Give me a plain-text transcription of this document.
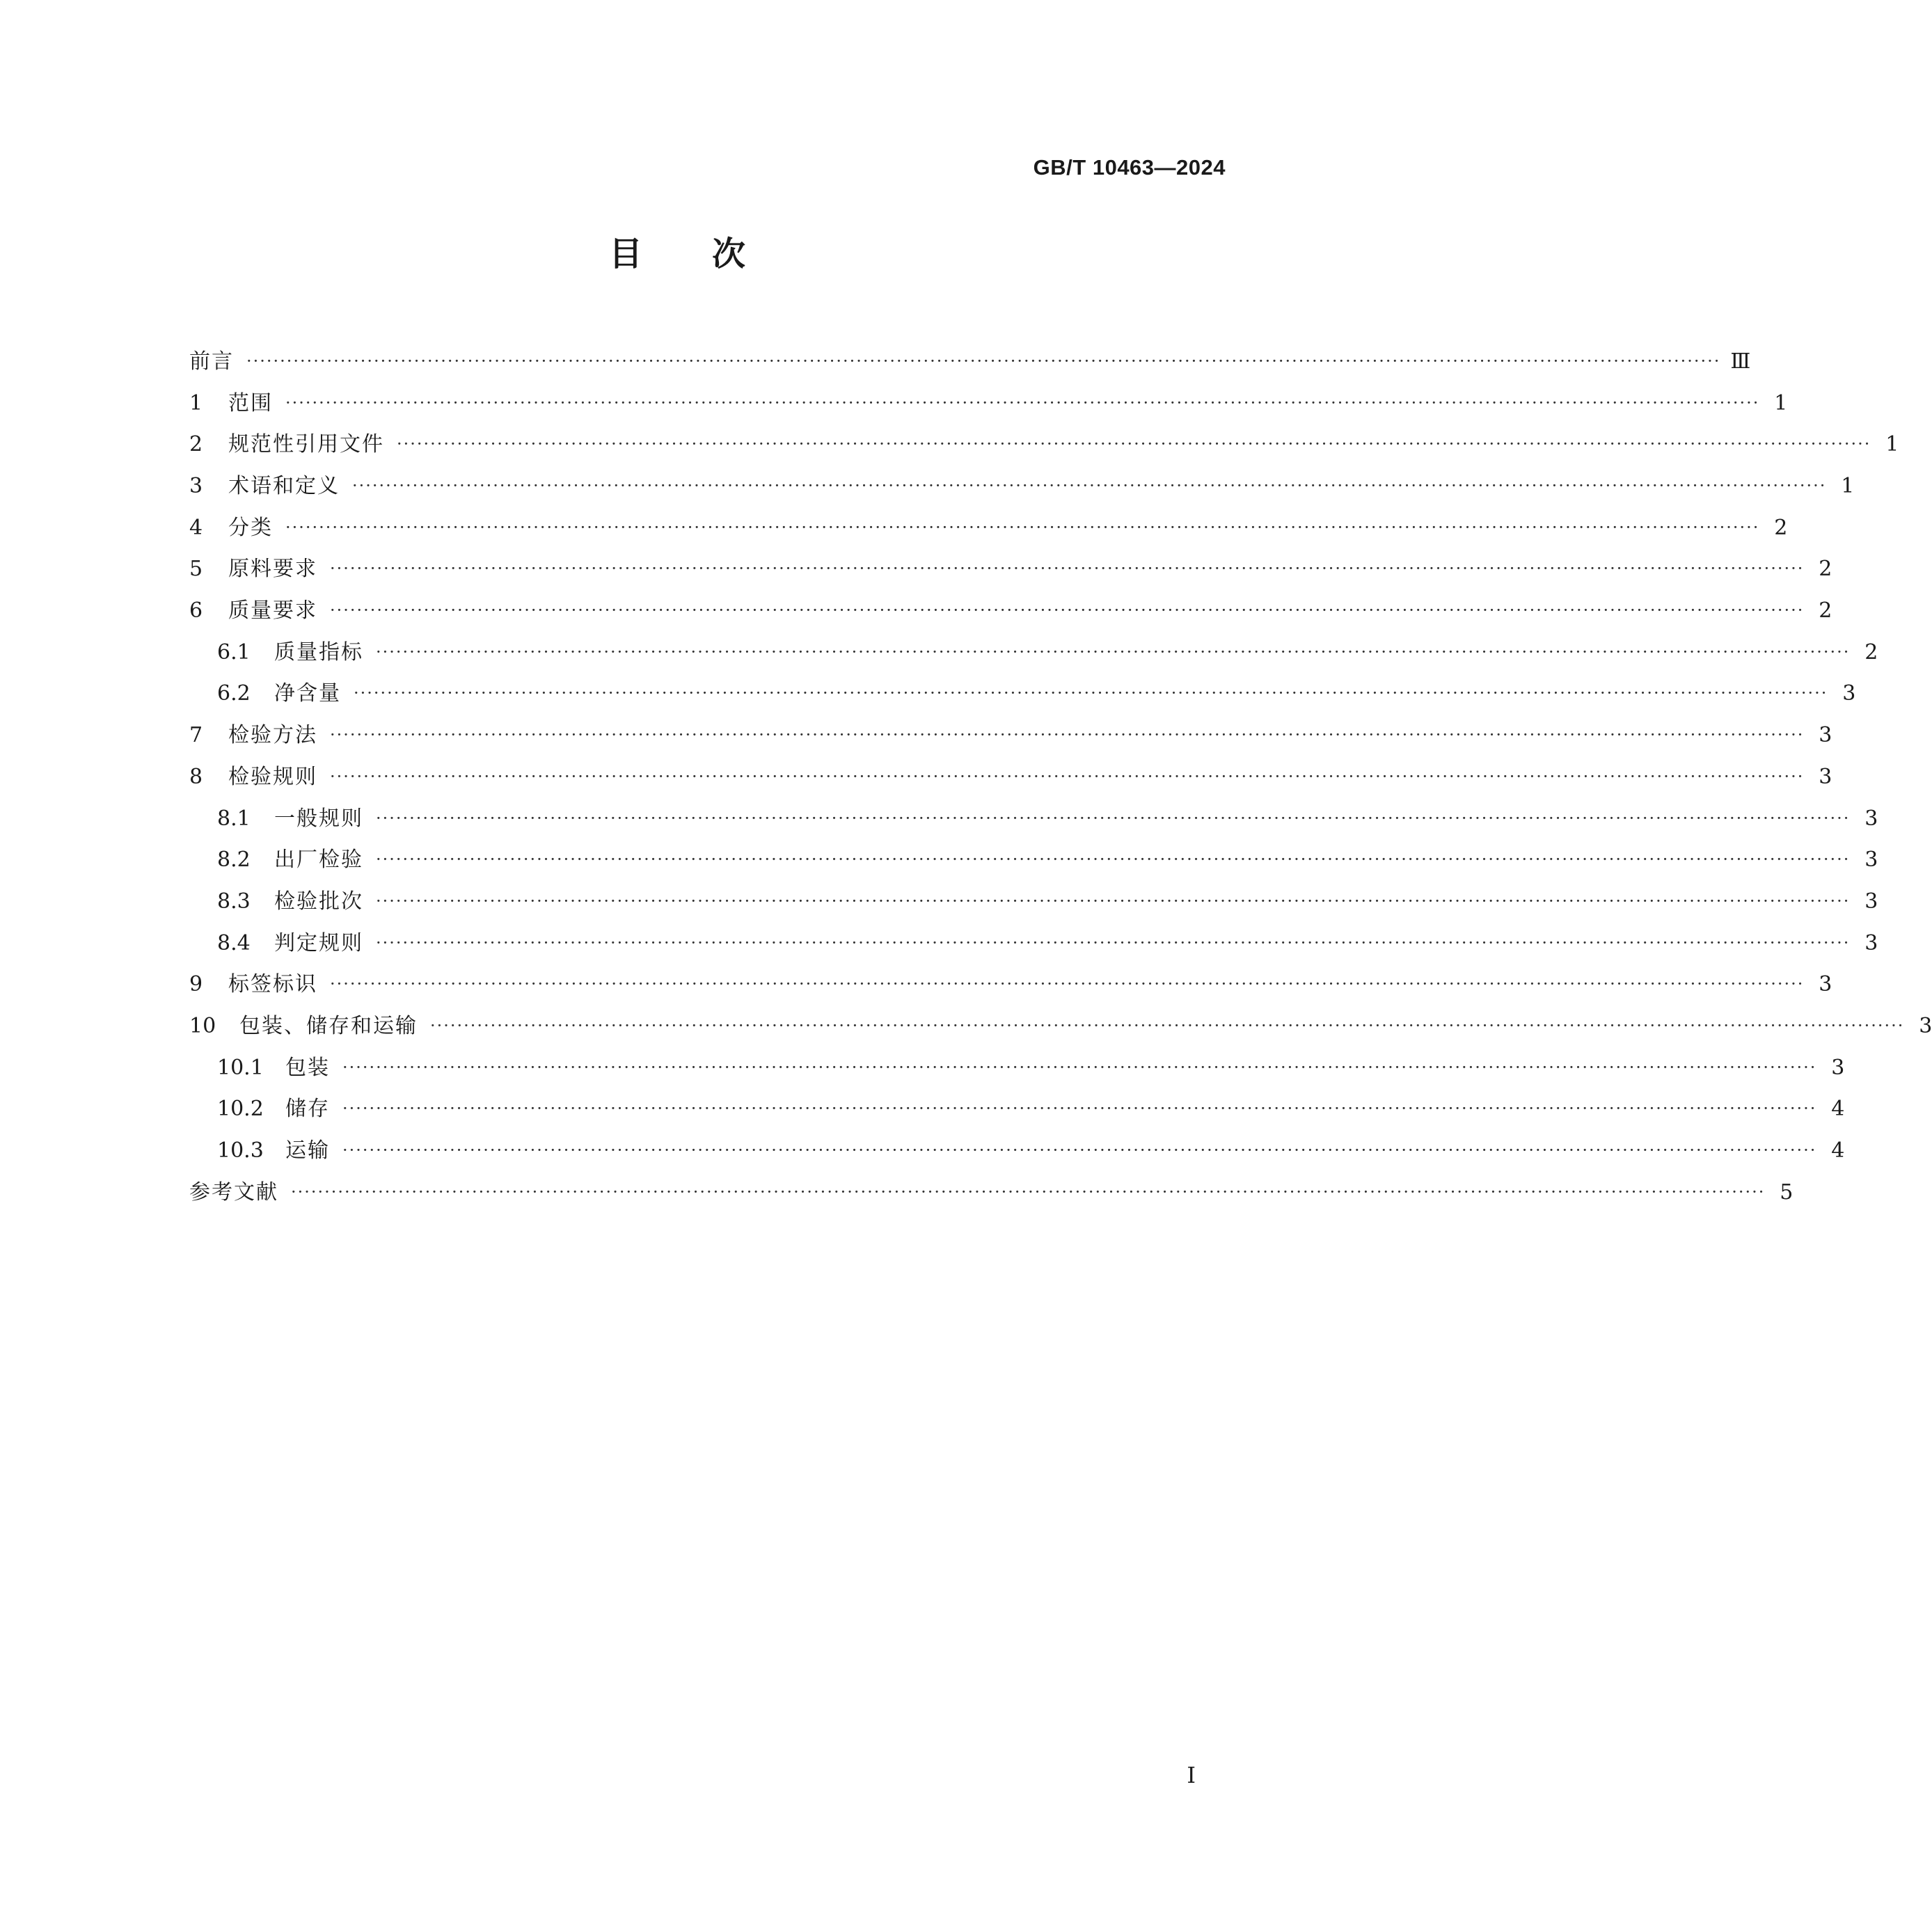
GB/T 10463—2024
目次
前言 ···························································································································································································································· Ⅲ
1	范围 ···························································································································································································································· 1
2	规范性引用文件 ···························································································································································································································· 1
3	术语和定义 ···························································································································································································································· 1
4	分类 ···························································································································································································································· 2
5	原料要求 ···························································································································································································································· 2
6	质量要求 ···························································································································································································································· 2
6.1	质量指标 ···························································································································································································································· 2
6.2	净含量 ···························································································································································································································· 3
7	检验方法 ···························································································································································································································· 3
8	检验规则 ···························································································································································································································· 3
8.1	一般规则 ···························································································································································································································· 3
8.2	出厂检验 ···························································································································································································································· 3
8.3	检验批次 ···························································································································································································································· 3
8.4	判定规则 ···························································································································································································································· 3
9	标签标识 ···························································································································································································································· 3
10	包装、储存和运输 ···························································································································································································································· 3
10.1	包装 ···························································································································································································································· 3
10.2	储存 ···························································································································································································································· 4
10.3	运输 ···························································································································································································································· 4
参考文献 ···························································································································································································································· 5
I
